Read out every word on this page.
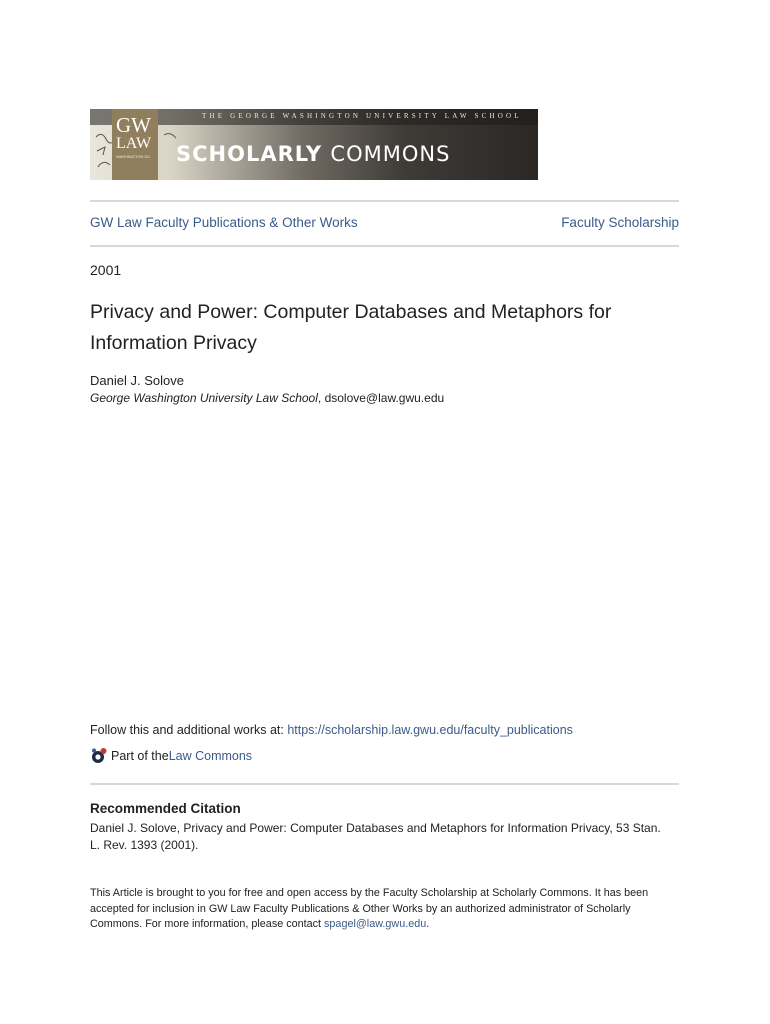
GW
LAW
WASHINGTON DC
THE GEORGE WASHINGTON UNIVERSITY LAW SCHOOL
SCHOLARLY COMMONS
GW Law Faculty Publications & Other Works	Faculty Scholarship
2001
Privacy and Power: Computer Databases and Metaphors for Information Privacy
Daniel J. Solove
George Washington University Law School, dsolove@law.gwu.edu
Follow this and additional works at: https://scholarship.law.gwu.edu/faculty_publications
Part of the Law Commons
Recommended Citation
Daniel J. Solove, Privacy and Power: Computer Databases and Metaphors for Information Privacy, 53 Stan. L. Rev. 1393 (2001).
This Article is brought to you for free and open access by the Faculty Scholarship at Scholarly Commons. It has been accepted for inclusion in GW Law Faculty Publications & Other Works by an authorized administrator of Scholarly Commons. For more information, please contact spagel@law.gwu.edu.
